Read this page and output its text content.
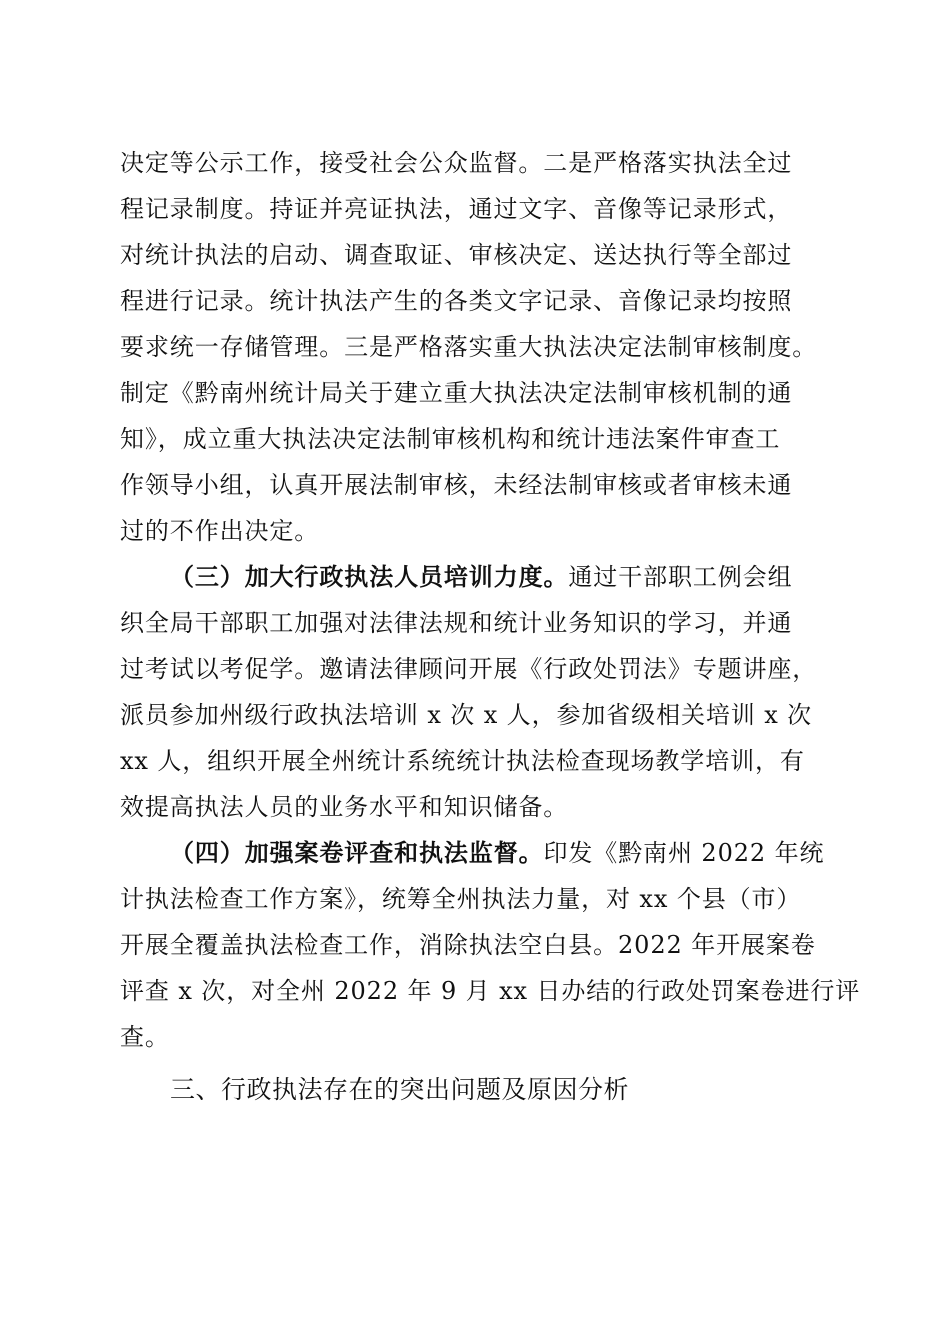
决定等公示工作，接受社会公众监督。二是严格落实执法全过
程记录制度。持证并亮证执法，通过文字、音像等记录形式，
对统计执法的启动、调查取证、审核决定、送达执行等全部过
程进行记录。统计执法产生的各类文字记录、音像记录均按照
要求统一存储管理。三是严格落实重大执法决定法制审核制度。
制定《黔南州统计局关于建立重大执法决定法制审核机制的通
知》，成立重大执法决定法制审核机构和统计违法案件审查工
作领导小组，认真开展法制审核，未经法制审核或者审核未通
过的不作出决定。
（三）加大行政执法人员培训力度。通过干部职工例会组
织全局干部职工加强对法律法规和统计业务知识的学习，并通
过考试以考促学。邀请法律顾问开展《行政处罚法》专题讲座，
派员参加州级行政执法培训 x 次 x 人，参加省级相关培训 x 次
xx 人，组织开展全州统计系统统计执法检查现场教学培训，有
效提高执法人员的业务水平和知识储备。
（四）加强案卷评查和执法监督。印发《黔南州 2022 年统
计执法检查工作方案》，统筹全州执法力量，对 xx 个县（市）
开展全覆盖执法检查工作，消除执法空白县。2022 年开展案卷
评查 x 次，对全州 2022 年 9 月 xx 日办结的行政处罚案卷进行评
查。
三、行政执法存在的突出问题及原因分析
